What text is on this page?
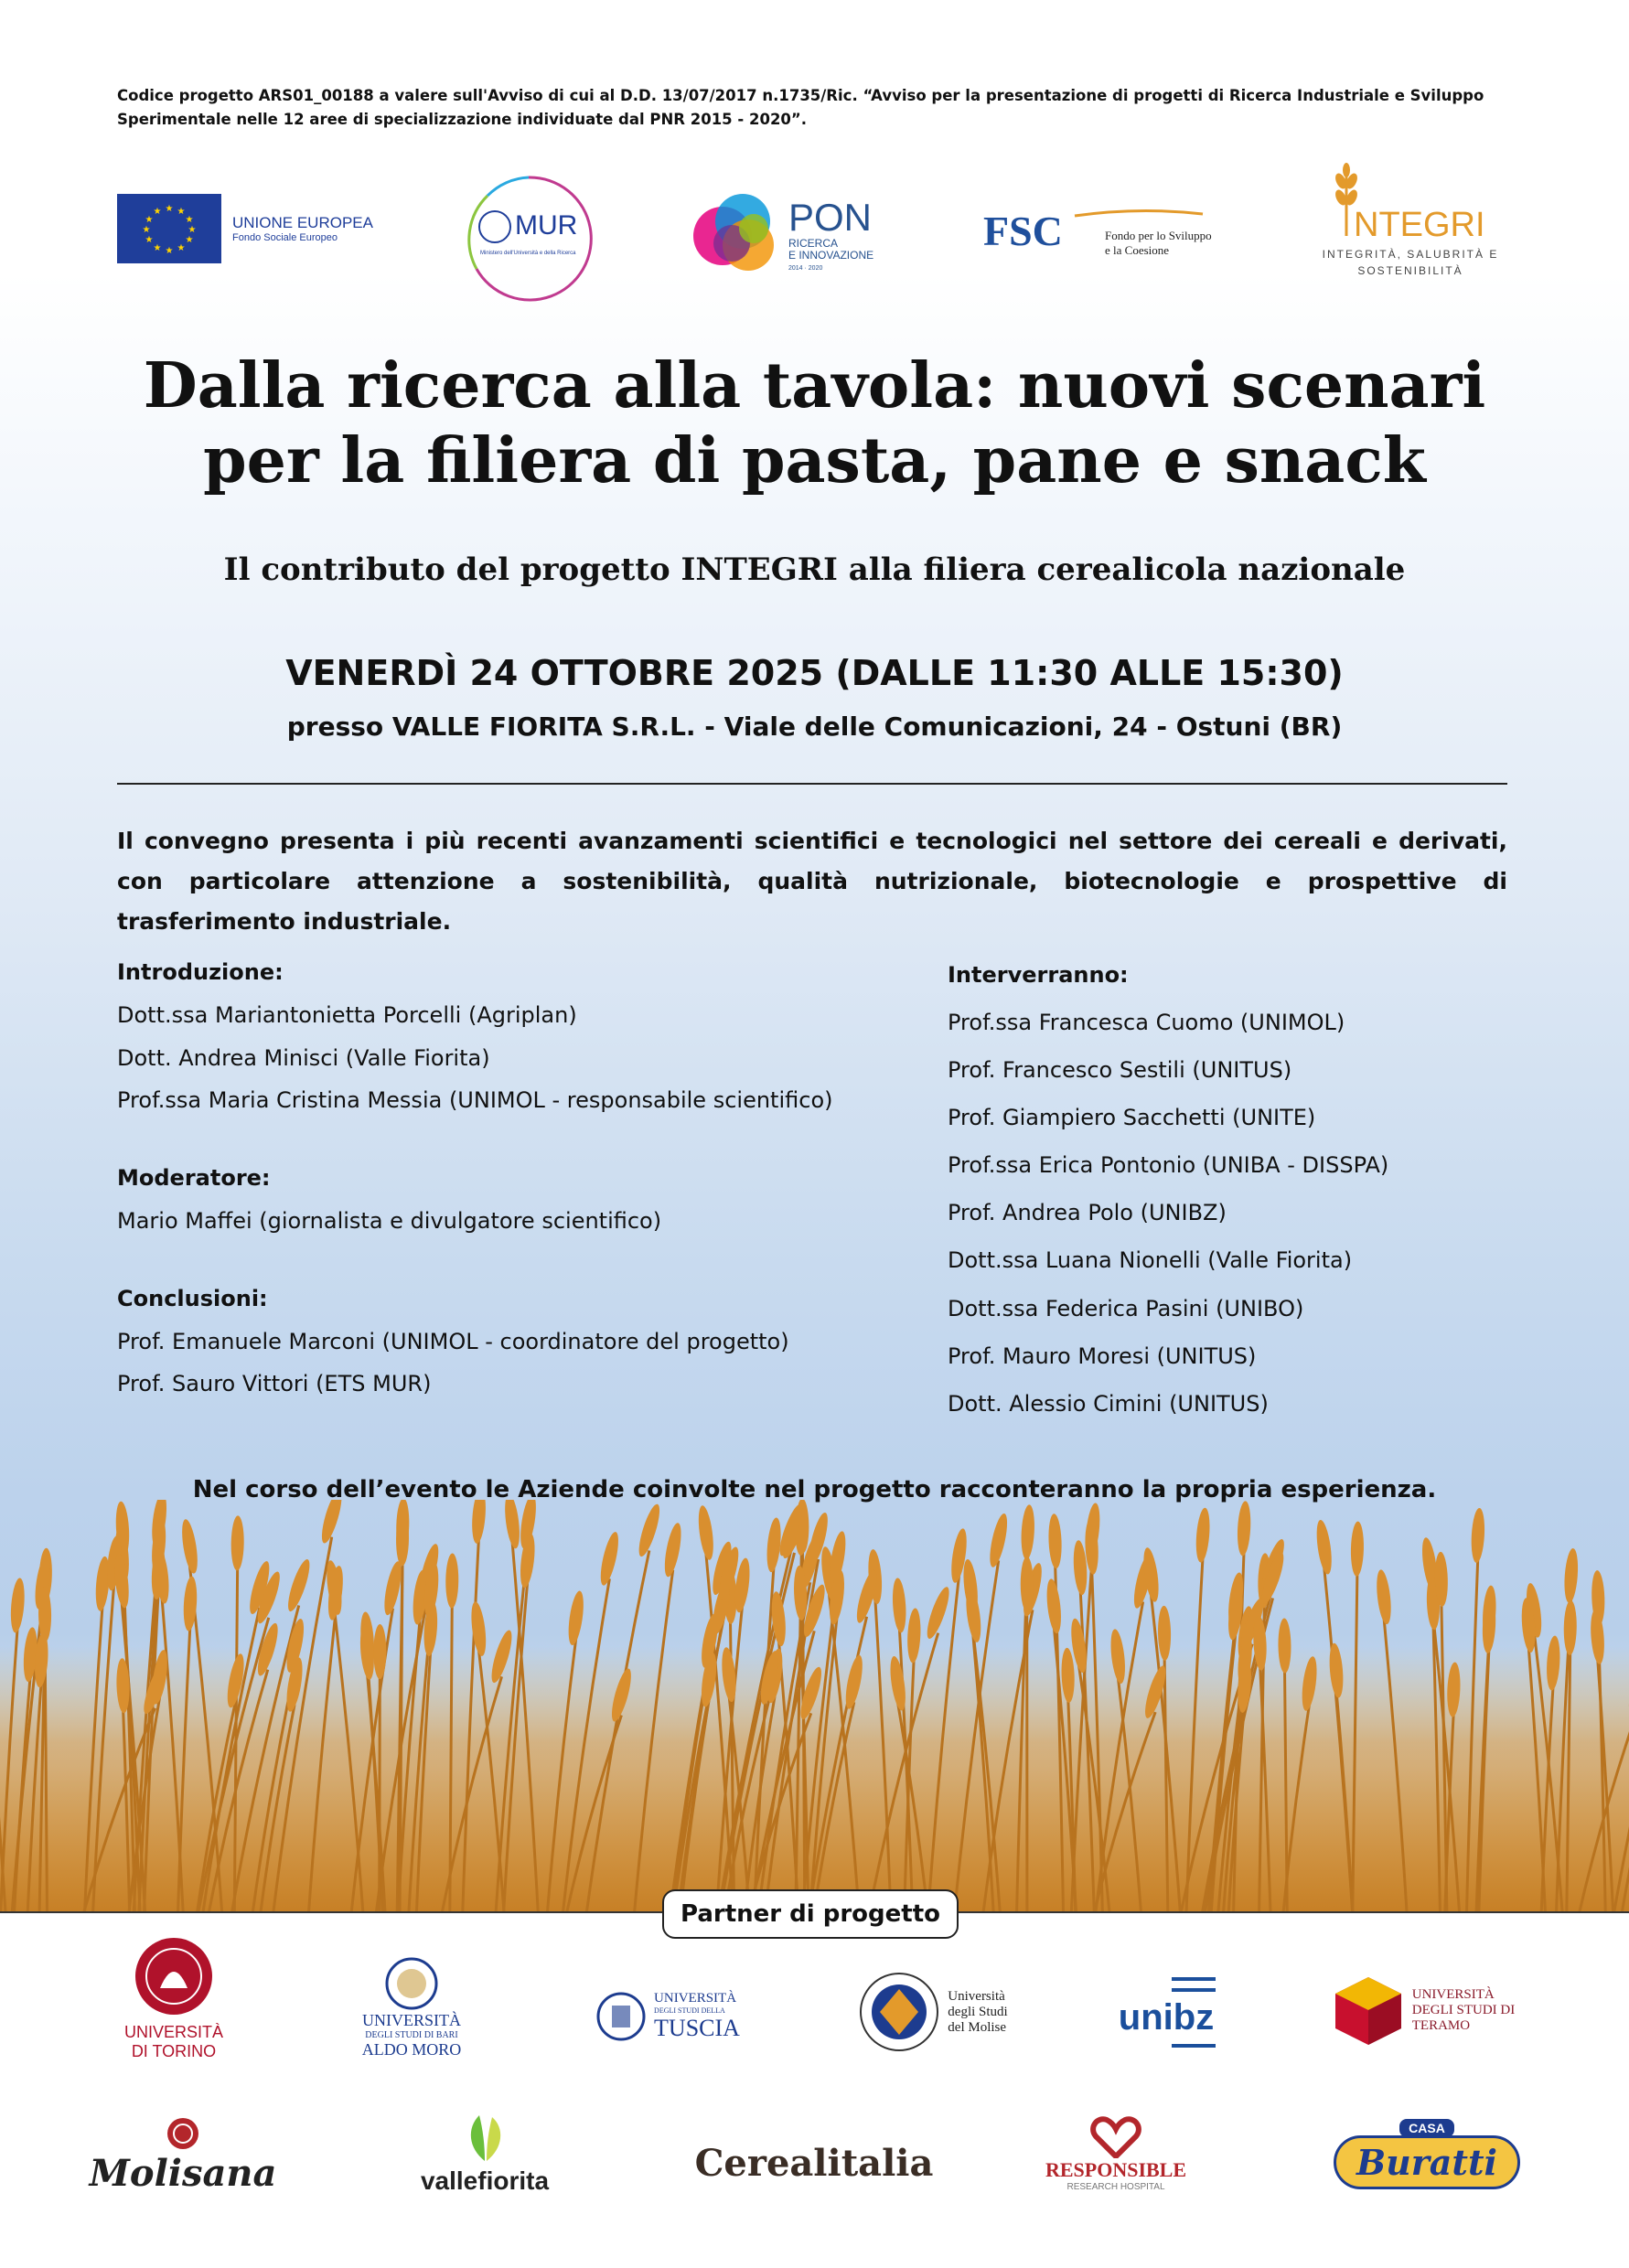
Codice progetto ARS01_00188 a valere sull'Avviso di cui al D.D. 13/07/2017 n.1735/Ric. “Avviso per la presentazione di progetti di Ricerca Industriale e Sviluppo Sperimentale nelle 12 aree di specializzazione individuate dal PNR 2015 - 2020”.
★ ★
★
★
★
★
★
★
★
★
★
★
UNIONE EUROPEA
Fondo Sociale Europeo	MUR
Ministero dell'Università e della Ricerca
PON
RICERCA
E INNOVAZIONE
2014 · 2020
FSC	Fondo per lo Sviluppo
e la Coesione
NTEGRI
INTEGRITÀ, SALUBRITÀ E
SOSTENIBILITÀ
Dalla ricerca alla tavola: nuovi scenari
per la filiera di pasta, pane e snack
Il contributo del progetto INTEGRI alla filiera cerealicola nazionale
VENERDÌ 24 OTTOBRE 2025 (DALLE 11:30 ALLE 15:30)
presso VALLE FIORITA S.R.L. - Viale delle Comunicazioni, 24 - Ostuni (BR)
Il convegno presenta i più recenti avanzamenti scientifici e tecnologici nel settore dei cereali e derivati, con particolare attenzione a sostenibilità, qualità nutrizionale, biotecnologie e prospettive di trasferimento industriale.
Introduzione:
Dott.ssa Mariantonietta Porcelli (Agriplan)
Dott. Andrea Minisci (Valle Fiorita)
Prof.ssa Maria Cristina Messia (UNIMOL - responsabile scientifico)
Moderatore:
Mario Maffei (giornalista e divulgatore scientifico)
Conclusioni:
Prof. Emanuele Marconi (UNIMOL - coordinatore del progetto)
Prof. Sauro Vittori (ETS MUR)
Interverranno:
Prof.ssa Francesca Cuomo (UNIMOL)
Prof. Francesco Sestili (UNITUS)
Prof. Giampiero Sacchetti (UNITE)
Prof.ssa Erica Pontonio (UNIBA - DISSPA)
Prof. Andrea Polo (UNIBZ)
Dott.ssa Luana Nionelli (Valle Fiorita)
Dott.ssa Federica Pasini (UNIBO)
Prof. Mauro Moresi (UNITUS)
Dott. Alessio Cimini (UNITUS)
Nel corso dell’evento le Aziende coinvolte nel progetto racconteranno la propria esperienza.
Partner di progetto
UNIVERSITÀ
DI TORINO
UNIVERSITÀ
DEGLI STUDI DI BARI
ALDO MORO
UNIVERSITÀ
DEGLI STUDI DELLA
TUSCIA
Università
degli Studi
del Molise	unibz
UNIVERSITÀ
DEGLI STUDI DI
TERAMO
Molisana	vallefiorita	Cerealitalia	RESPONSIBLE
RESEARCH HOSPITAL
CASA
Buratti
